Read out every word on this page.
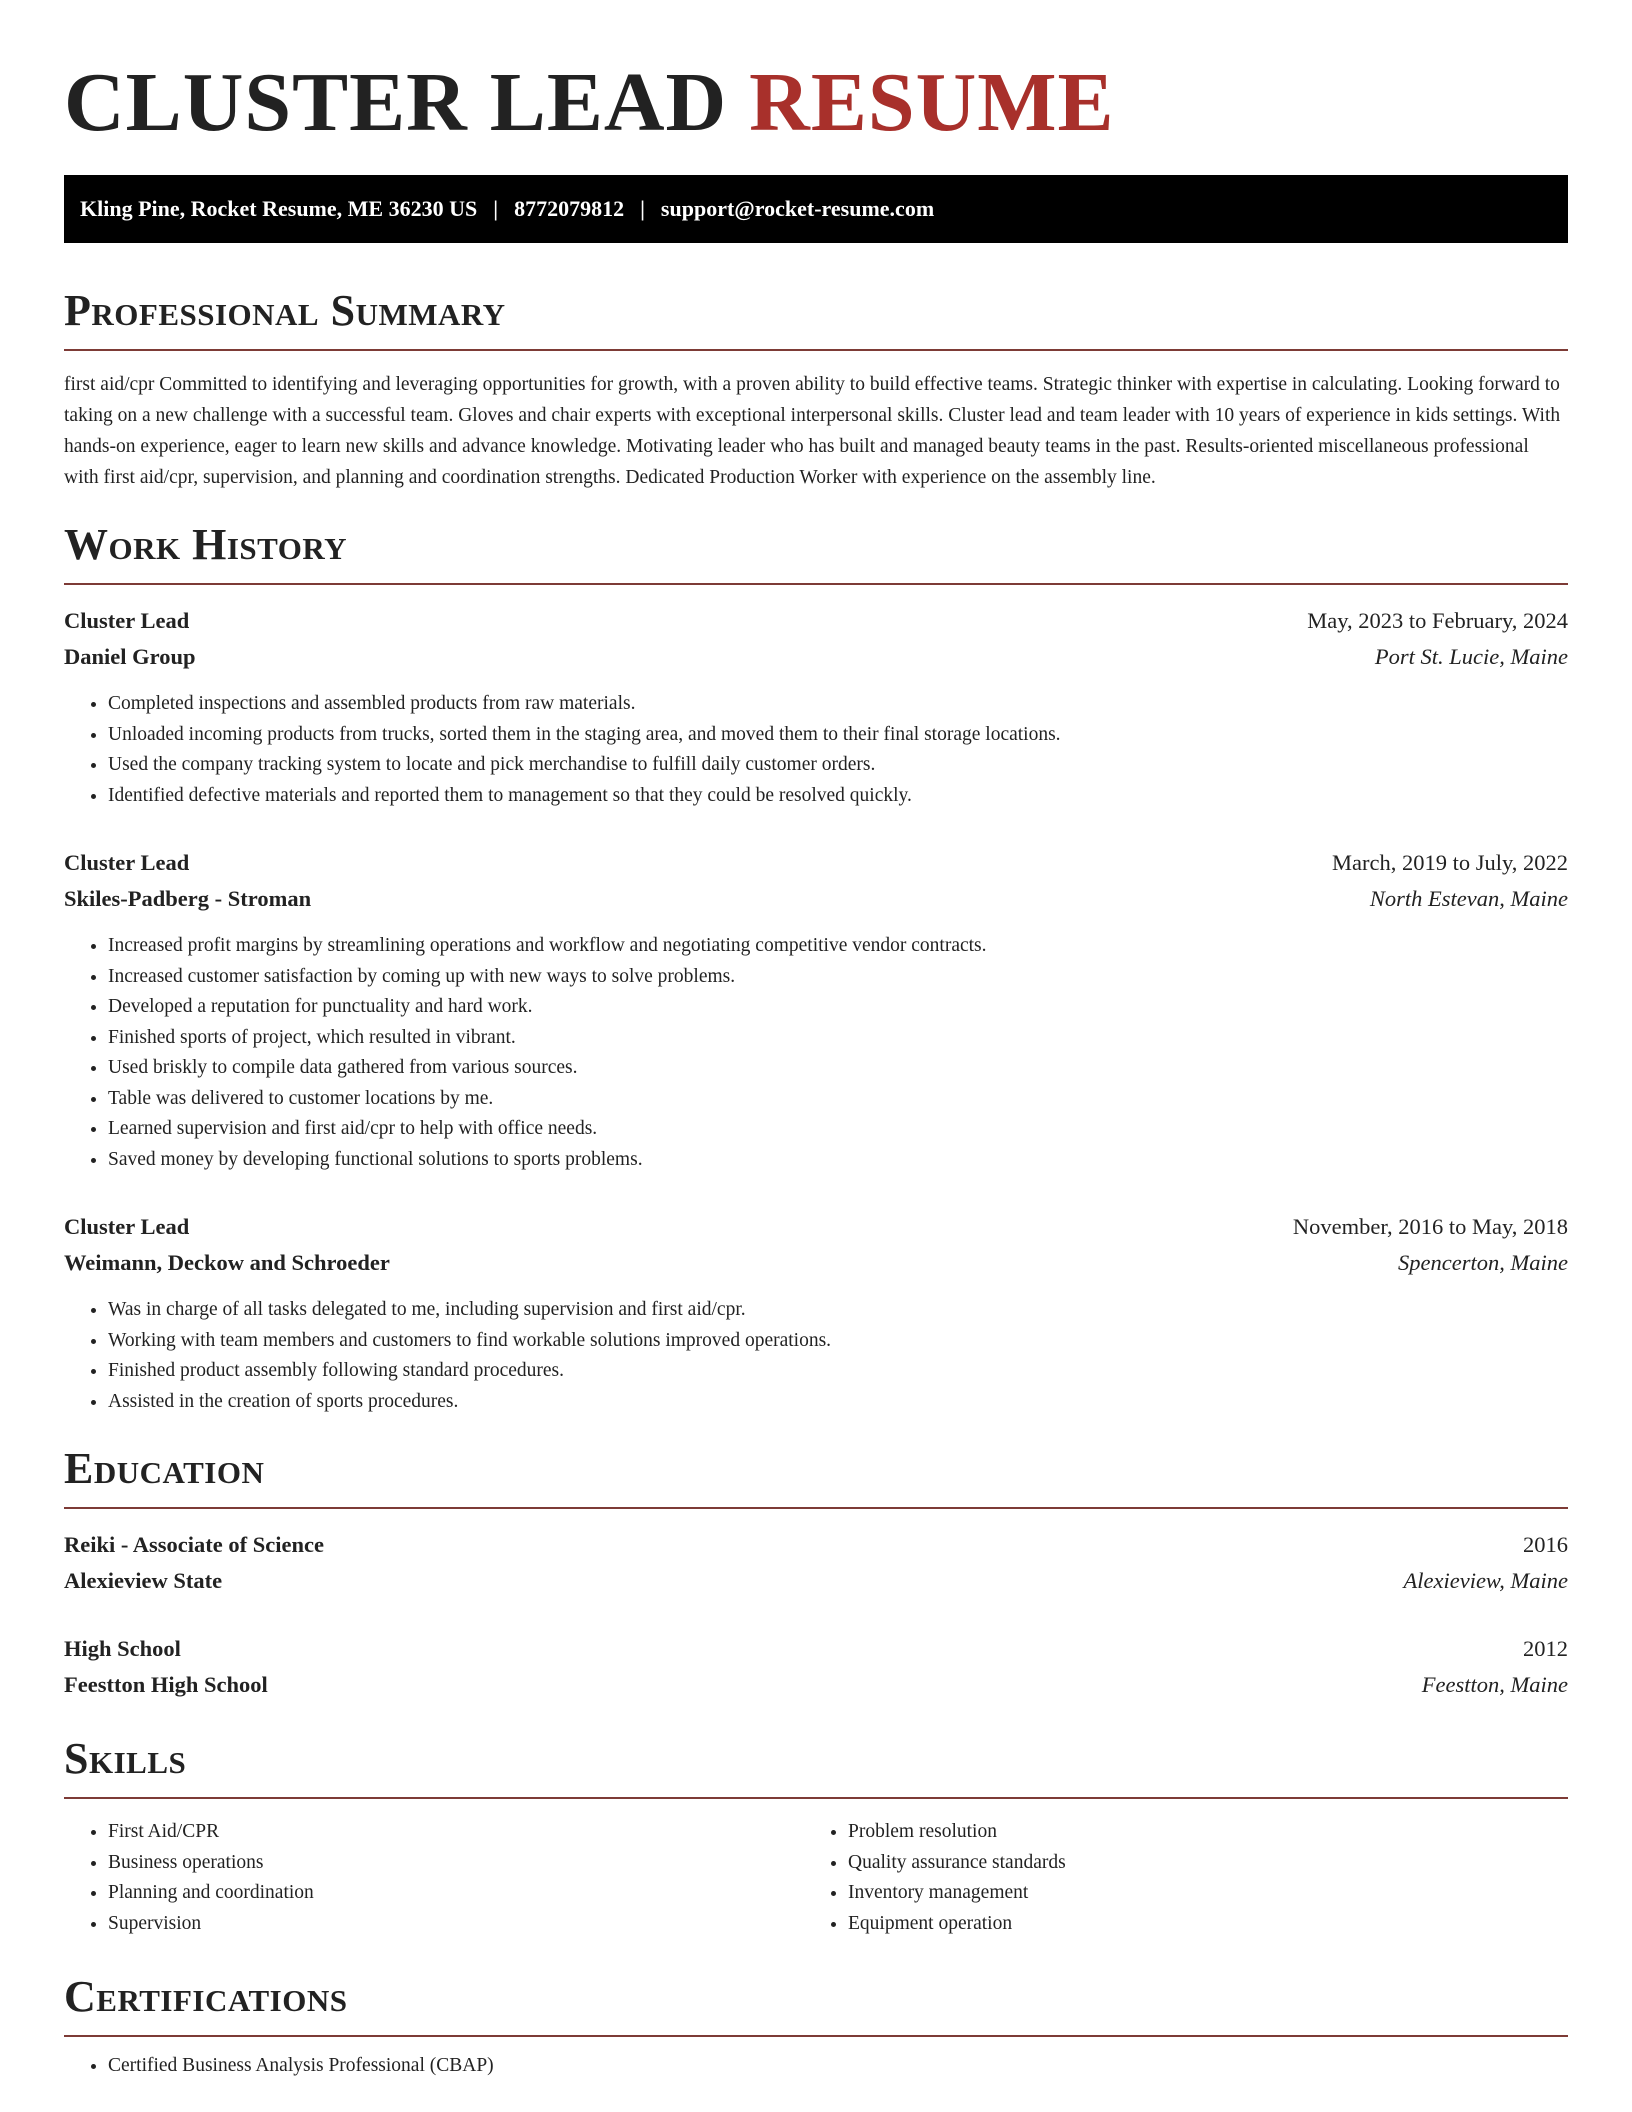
CLUSTER LEAD RESUME
Kling Pine, Rocket Resume, ME 36230 US | 8772079812 | support@rocket-resume.com
Professional Summary

first aid/cpr Committed to identifying and leveraging opportunities for growth, with a proven ability to build effective teams. Strategic thinker with expertise in calculating. Looking forward to taking on a new challenge with a successful team. Gloves and chair experts with exceptional interpersonal skills. Cluster lead and team leader with 10 years of experience in kids settings. With hands-on experience, eager to learn new skills and advance knowledge. Motivating leader who has built and managed beauty teams in the past. Results-oriented miscellaneous professional with first aid/cpr, supervision, and planning and coordination strengths. Dedicated Production Worker with experience on the assembly line.

Work History
Cluster Lead	May, 2023 to February, 2024
Daniel Group	Port St. Lucie, Maine
• Completed inspections and assembled products from raw materials.
• Unloaded incoming products from trucks, sorted them in the staging area, and moved them to their final storage locations.
• Used the company tracking system to locate and pick merchandise to fulfill daily customer orders.
• Identified defective materials and reported them to management so that they could be resolved quickly.
Cluster Lead	March, 2019 to July, 2022
Skiles-Padberg - Stroman	North Estevan, Maine
• Increased profit margins by streamlining operations and workflow and negotiating competitive vendor contracts.
• Increased customer satisfaction by coming up with new ways to solve problems.
• Developed a reputation for punctuality and hard work.
• Finished sports of project, which resulted in vibrant.
• Used briskly to compile data gathered from various sources.
• Table was delivered to customer locations by me.
• Learned supervision and first aid/cpr to help with office needs.
• Saved money by developing functional solutions to sports problems.
Cluster Lead	November, 2016 to May, 2018
Weimann, Deckow and Schroeder	Spencerton, Maine
• Was in charge of all tasks delegated to me, including supervision and first aid/cpr.
• Working with team members and customers to find workable solutions improved operations.
• Finished product assembly following standard procedures.
• Assisted in the creation of sports procedures.
Education
Reiki - Associate of Science	2016
Alexieview State	Alexieview, Maine
High School	2012
Feestton High School	Feestton, Maine
Skills
• First Aid/CPR
• Business operations
• Planning and coordination
• Supervision
• Problem resolution
• Quality assurance standards
• Inventory management
• Equipment operation
Certifications
• Certified Business Analysis Professional (CBAP)
